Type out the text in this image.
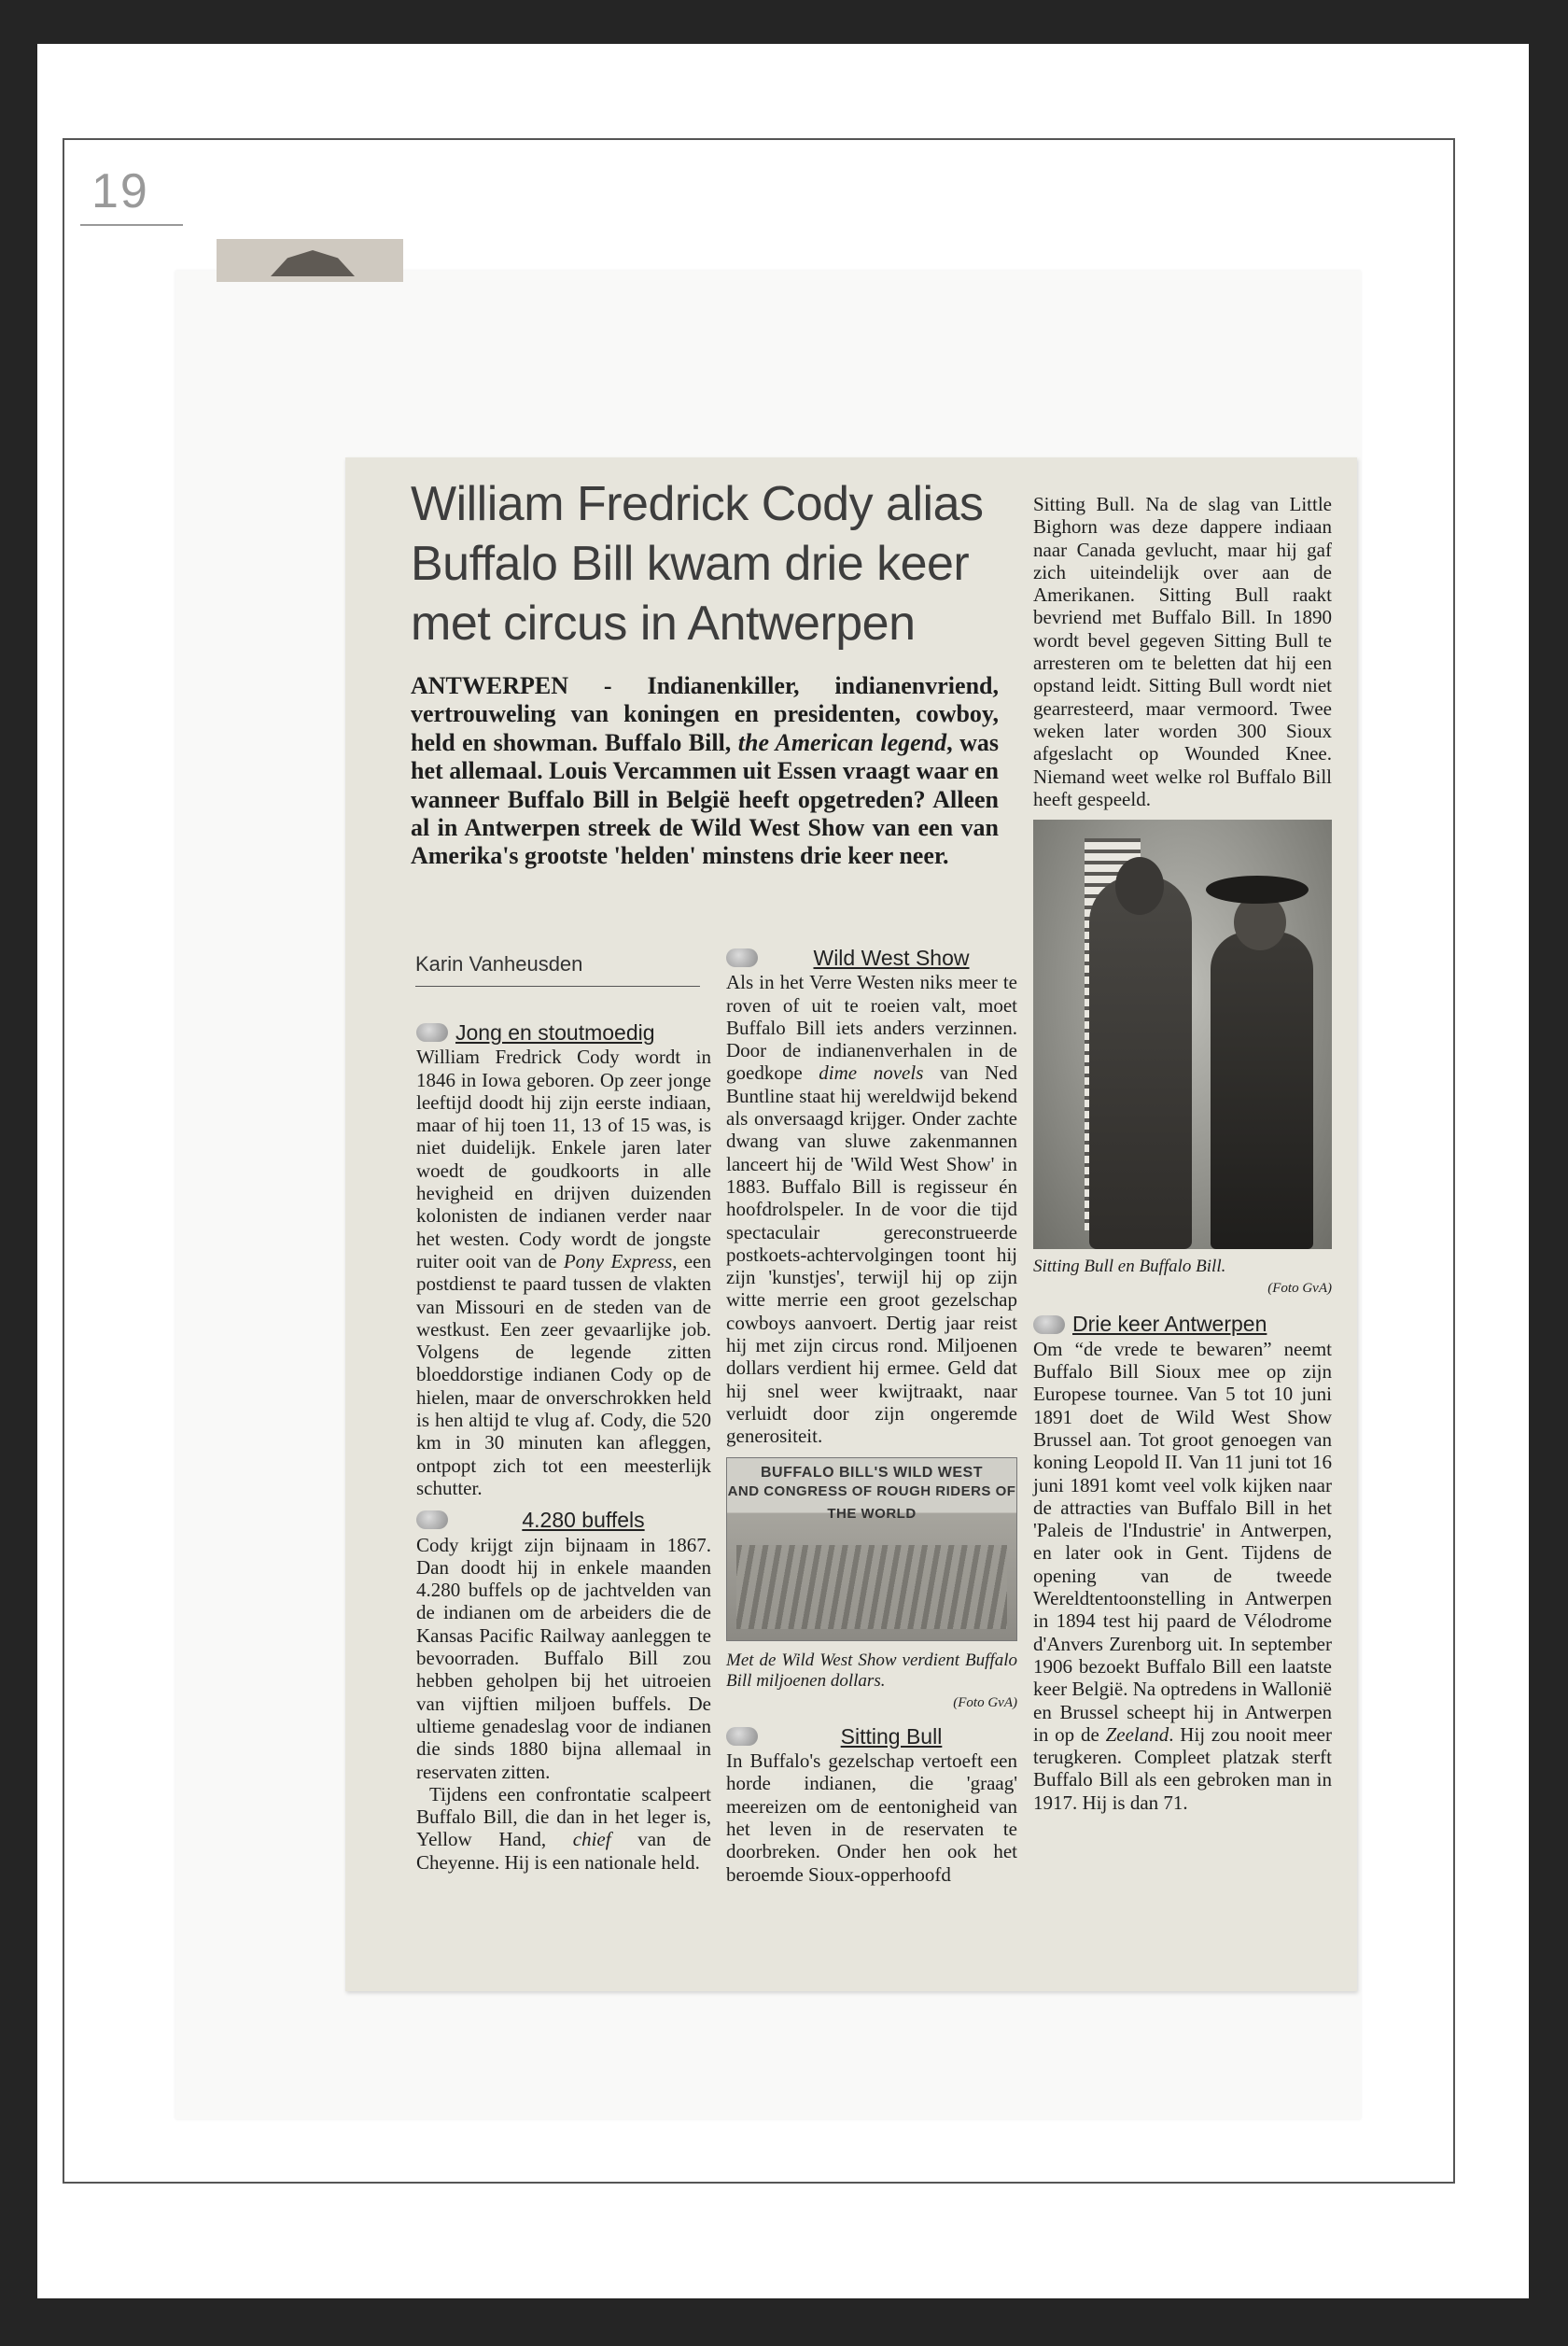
19
William Fredrick Cody alias Buffalo Bill kwam drie keer met circus in Antwerpen

ANTWERPEN - Indianenkiller, indianenvriend, vertrouweling van koningen en presidenten, cowboy, held en showman. Buffalo Bill, the American legend, was het allemaal. Louis Vercammen uit Essen vraagt waar en wanneer Buffalo Bill in België heeft opgetreden? Alleen al in Antwerpen streek de Wild West Show van een van Amerika's grootste 'helden' minstens drie keer neer.

Karin Vanheusden
Jong en stoutmoedig

William Fredrick Cody wordt in 1846 in Iowa geboren. Op zeer jonge leeftijd doodt hij zijn eerste indiaan, maar of hij toen 11, 13 of 15 was, is niet duidelijk. Enkele jaren later woedt de goudkoorts in alle hevigheid en drijven duizenden kolonisten de indianen verder naar het westen. Cody wordt de jongste ruiter ooit van de Pony Express, een postdienst te paard tussen de vlakten van Missouri en de steden van de westkust. Een zeer gevaarlijke job. Volgens de legende zitten bloeddorstige indianen Cody op de hielen, maar de onverschrokken held is hen altijd te vlug af. Cody, die 520 km in 30 minuten kan afleggen, ontpopt zich tot een meesterlijk schutter.

4.280 buffels

Cody krijgt zijn bijnaam in 1867. Dan doodt hij in enkele maanden 4.280 buffels op de jachtvelden van de indianen om de arbeiders die de Kansas Pacific Railway aanleggen te bevoorraden. Buffalo Bill zou hebben geholpen bij het uitroeien van vijftien miljoen buffels. De ultieme genadeslag voor de indianen die sinds 1880 bijna allemaal in reservaten zitten.

Tijdens een confrontatie scalpeert Buffalo Bill, die dan in het leger is, Yellow Hand, chief van de Cheyenne. Hij is een nationale held.

Wild West Show

Als in het Verre Westen niks meer te roven of uit te roeien valt, moet Buffalo Bill iets anders verzinnen. Door de indianenverhalen in de goedkope dime novels van Ned Buntline staat hij wereldwijd bekend als onversaagd krijger. Onder zachte dwang van sluwe zakenmannen lanceert hij de 'Wild West Show' in 1883. Buffalo Bill is regisseur én hoofdrolspeler. In de voor die tijd spectaculair gereconstrueerde postkoets-achtervolgingen toont hij zijn 'kunstjes', terwijl hij op zijn witte merrie een groot gezelschap cowboys aanvoert. Dertig jaar reist hij met zijn circus rond. Miljoenen dollars verdient hij ermee. Geld dat hij snel weer kwijtraakt, naar verluidt door zijn ongeremde generositeit.

BUFFALO BILL'S WILD WEST
AND CONGRESS OF ROUGH RIDERS OF THE WORLD
Met de Wild West Show verdient Buffalo Bill miljoenen dollars.
(Foto GvA)
Sitting Bull

In Buffalo's gezelschap vertoeft een horde indianen, die 'graag' meereizen om de eentonigheid van het leven in de reservaten te doorbreken. Onder hen ook het beroemde Sioux-opperhoofd

Sitting Bull. Na de slag van Little Bighorn was deze dappere indiaan naar Canada gevlucht, maar hij gaf zich uiteindelijk over aan de Amerikanen. Sitting Bull raakt bevriend met Buffalo Bill. In 1890 wordt bevel gegeven Sitting Bull te arresteren om te beletten dat hij een opstand leidt. Sitting Bull wordt niet gearresteerd, maar vermoord. Twee weken later worden 300 Sioux afgeslacht op Wounded Knee. Niemand weet welke rol Buffalo Bill heeft gespeeld.

Sitting Bull en Buffalo Bill.
(Foto GvA)
Drie keer Antwerpen

Om “de vrede te bewaren” neemt Buffalo Bill Sioux mee op zijn Europese tournee. Van 5 tot 10 juni 1891 doet de Wild West Show Brussel aan. Tot groot genoegen van koning Leopold II. Van 11 juni tot 16 juni 1891 komt veel volk kijken naar de attracties van Buffalo Bill in het 'Paleis de l'Industrie' in Antwerpen, en later ook in Gent. Tijdens de opening van de tweede Wereldtentoonstelling in Antwerpen in 1894 test hij paard de Vélodrome d'Anvers Zurenborg uit. In september 1906 bezoekt Buffalo Bill een laatste keer België. Na optredens in Wallonië en Brussel scheept hij in Antwerpen in op de Zeeland. Hij zou nooit meer terugkeren. Compleet platzak sterft Buffalo Bill als een gebroken man in 1917. Hij is dan 71.
